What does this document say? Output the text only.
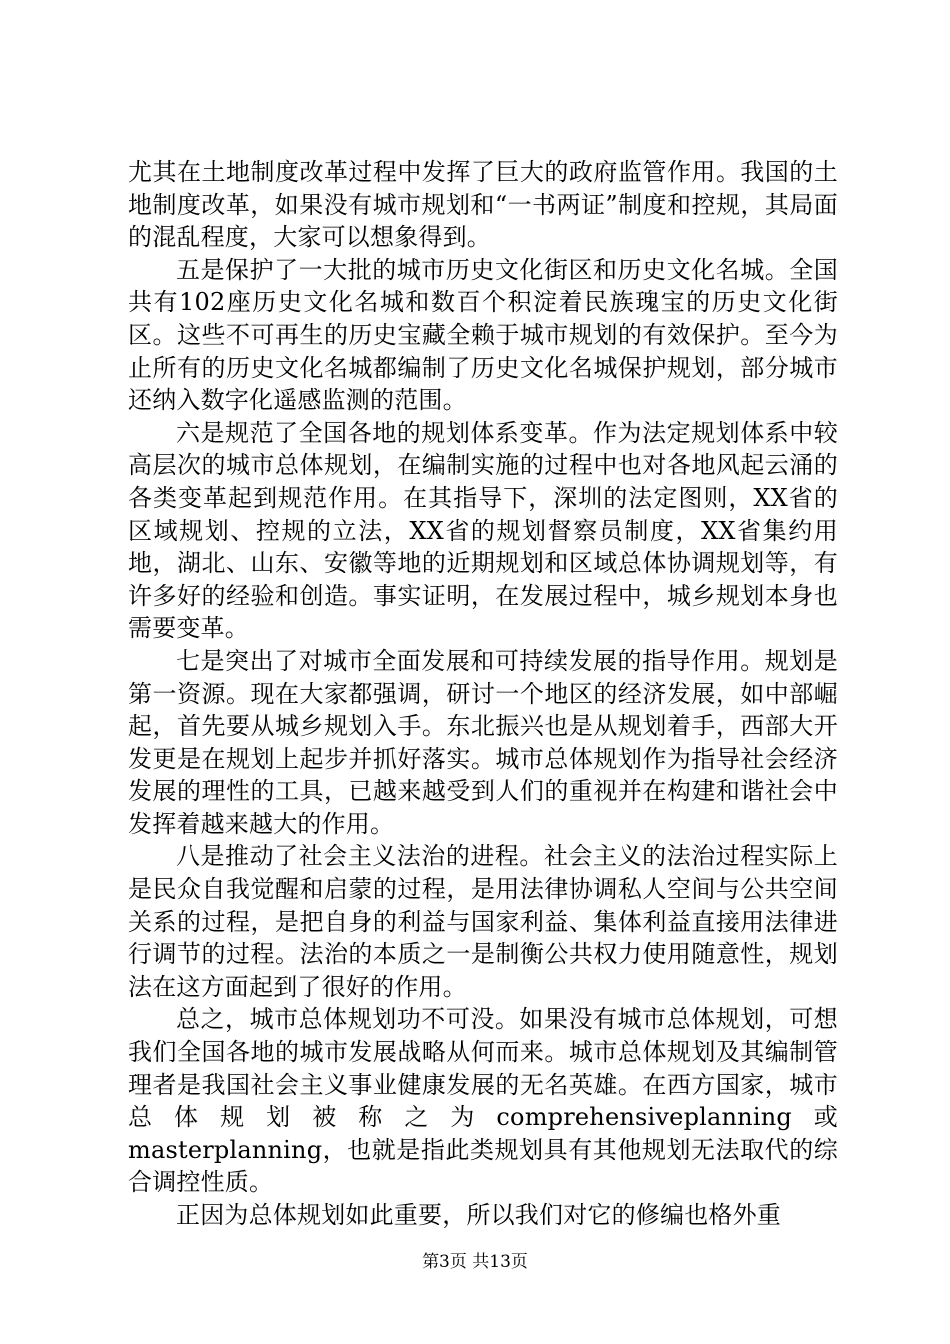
尤其在土地制度改革过程中发挥了巨大的政府监管作用。我国的土地制度改革，如果没有城市规划和“一书两证”制度和控规，其局面的混乱程度，大家可以想象得到。

五是保护了一大批的城市历史文化街区和历史文化名城。全国共有102座历史文化名城和数百个积淀着民族瑰宝的历史文化街区。这些不可再生的历史宝藏全赖于城市规划的有效保护。至今为止所有的历史文化名城都编制了历史文化名城保护规划，部分城市还纳入数字化遥感监测的范围。

六是规范了全国各地的规划体系变革。作为法定规划体系中较高层次的城市总体规划，在编制实施的过程中也对各地风起云涌的各类变革起到规范作用。在其指导下，深圳的法定图则，XX省的区域规划、控规的立法，XX省的规划督察员制度，XX省集约用地，湖北、山东、安徽等地的近期规划和区域总体协调规划等，有许多好的经验和创造。事实证明，在发展过程中，城乡规划本身也需要变革。

七是突出了对城市全面发展和可持续发展的指导作用。规划是第一资源。现在大家都强调，研讨一个地区的经济发展，如中部崛起，首先要从城乡规划入手。东北振兴也是从规划着手，西部大开发更是在规划上起步并抓好落实。城市总体规划作为指导社会经济发展的理性的工具，已越来越受到人们的重视并在构建和谐社会中发挥着越来越大的作用。

八是推动了社会主义法治的进程。社会主义的法治过程实际上是民众自我觉醒和启蒙的过程，是用法律协调私人空间与公共空间关系的过程，是把自身的利益与国家利益、集体利益直接用法律进行调节的过程。法治的本质之一是制衡公共权力使用随意性，规划法在这方面起到了很好的作用。

总之，城市总体规划功不可没。如果没有城市总体规划，可想我们全国各地的城市发展战略从何而来。城市总体规划及其编制管理者是我国社会主义事业健康发展的无名英雄。在西方国家，城市总体规划被称之为comprehensiveplanning或masterplanning，也就是指此类规划具有其他规划无法取代的综合调控性质。

正因为总体规划如此重要，所以我们对它的修编也格外重

第3页 共13页
